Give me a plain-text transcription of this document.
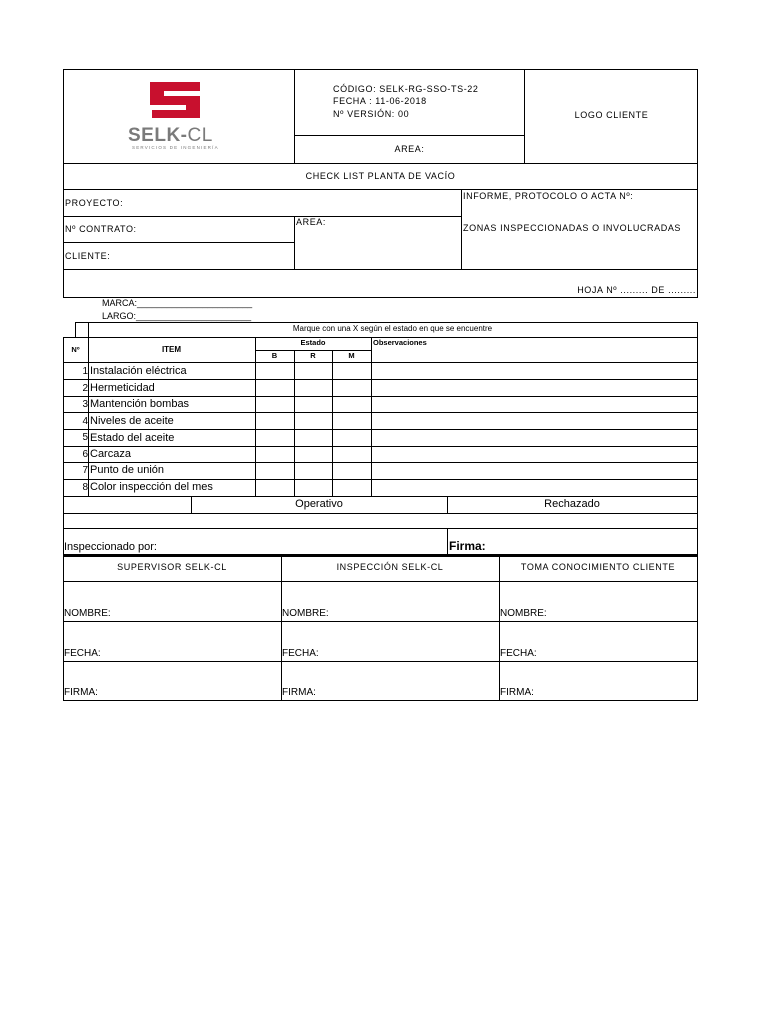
SELK-CL
SERVICIOS DE INGENIERÍA
CÓDIGO: SELK-RG-SSO-TS-22
FECHA : 11-06-2018
Nº VERSIÓN: 00	LOGO CLIENTE
AREA:
CHECK LIST PLANTA DE VACÍO
PROYECTO:
INFORME, PROTOCOLO O ACTA Nº:
Nº CONTRATO:
AREA:
ZONAS INSPECCIONADAS O INVOLUCRADAS
CLIENTE:
HOJA Nº ......... DE .........
MARCA:_______________________
LARGO:_______________________
Marque con una X según el estado en que se encuentre
Nº	ITEM
Estado
B	R	M
Observaciones
1 Instalación eléctrica
2 Hermeticidad
3 Mantención bombas
4 Niveles de aceite
5 Estado del aceite
6 Carcaza
7 Punto de unión
8 Color inspección del mes
Operativo	Rechazado
Inspeccionado por:	Firma:
SUPERVISOR SELK-CL	INSPECCIÓN SELK-CL	TOMA CONOCIMIENTO CLIENTE
NOMBRE:	NOMBRE:	NOMBRE:
FECHA:	FECHA:	FECHA:
FIRMA:	FIRMA:	FIRMA:
